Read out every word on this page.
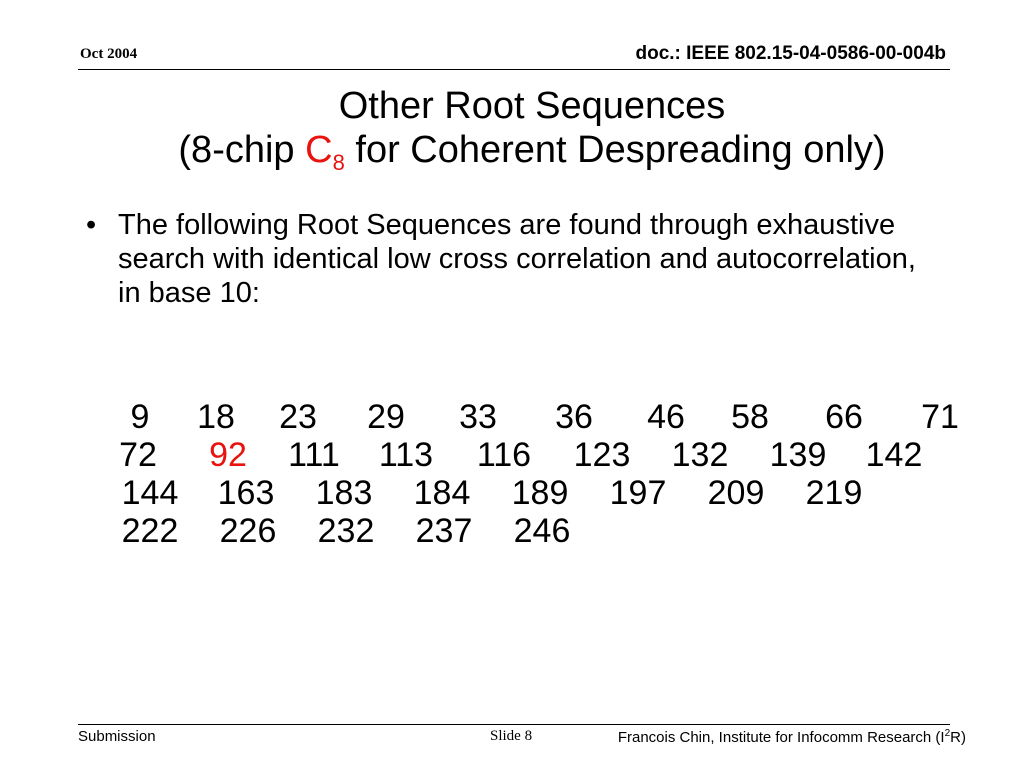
Oct 2004	doc.: IEEE 802.15-04-0586-00-004b
Other Root Sequences
(8-chip $C_8$ for Coherent Despreading only)
• The following Root Sequences are found through exhaustive search with identical low cross correlation and autocorrelation, in base 10:
9	18	23	29	33	36	46	58	66	71
72	92	111 113 116 123 132 139 142
144 163 183 184 189 197 209 219
222 226 232 237 246
Submission	Slide 8	Francois Chin, Institute for Infocomm Research $(I^2R)$
